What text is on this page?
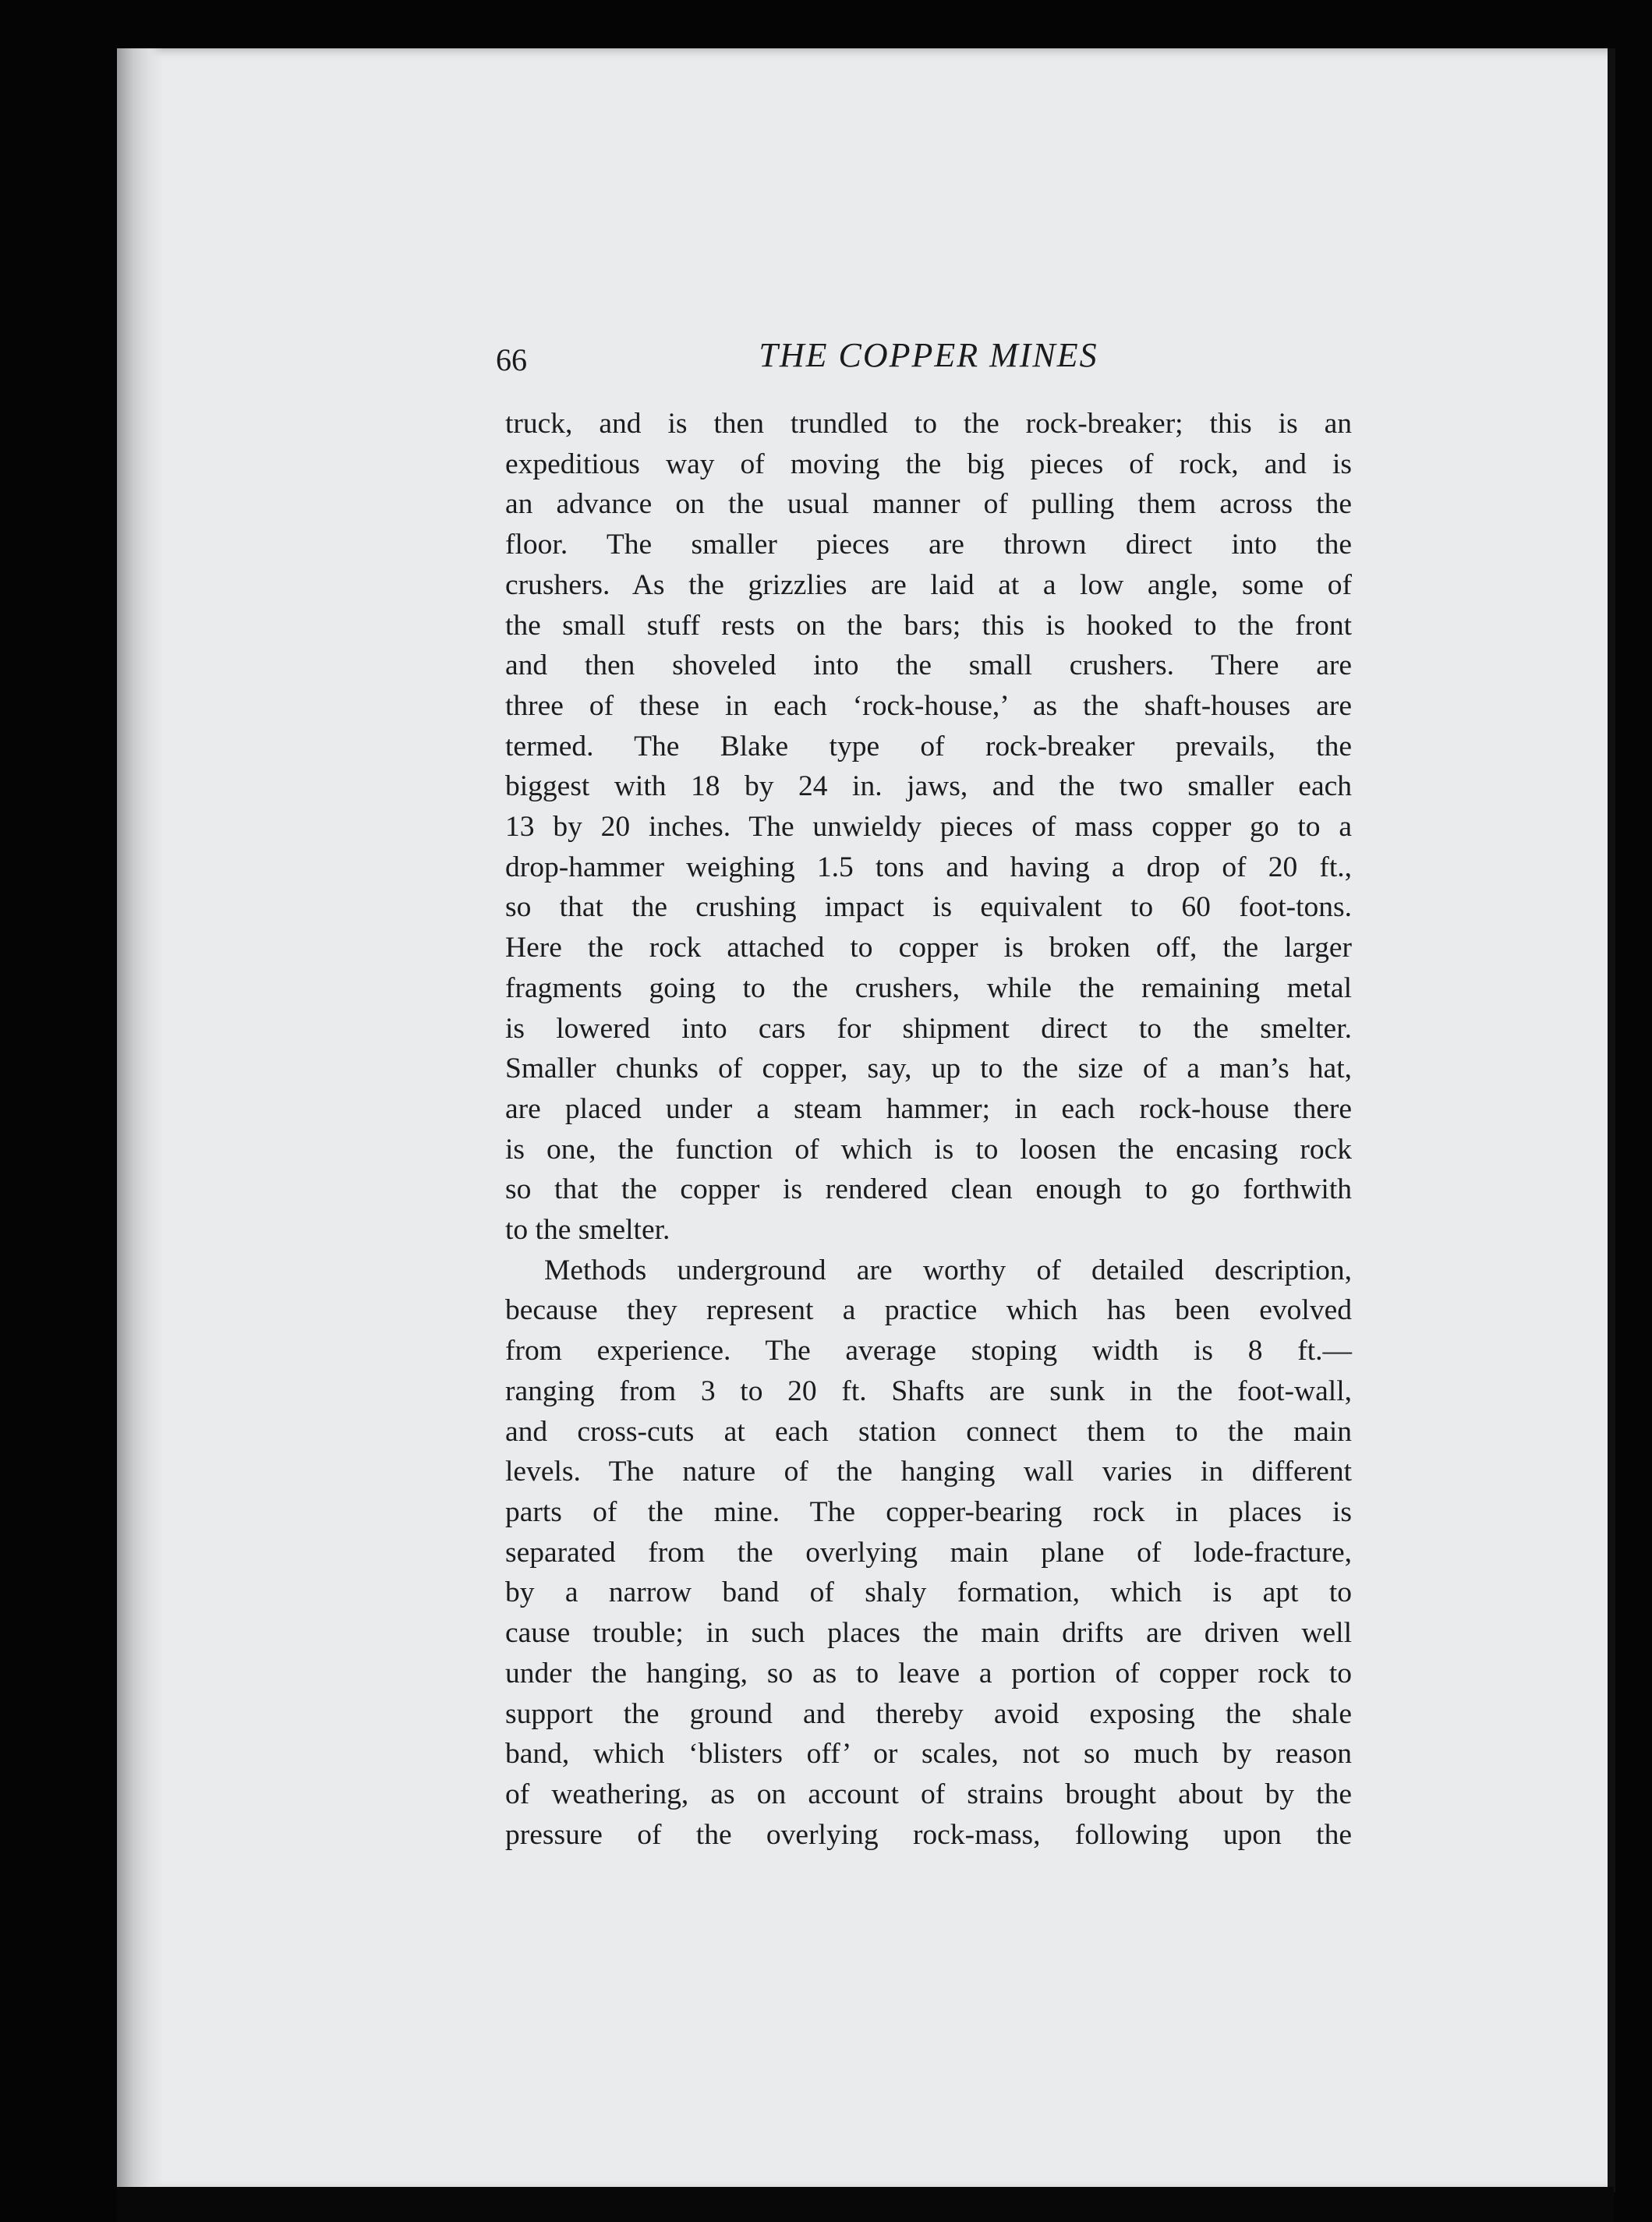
66	THE COPPER MINES
truck, and is then trundled to the rock-breaker; this is an
expeditious way of moving the big pieces of rock, and is
an advance on the usual manner of pulling them across the
floor. The smaller pieces are thrown direct into the
crushers. As the grizzlies are laid at a low angle, some of
the small stuff rests on the bars; this is hooked to the front
and then shoveled into the small crushers. There are
three of these in each ‘rock-house,’ as the shaft-houses are
termed. The Blake type of rock-breaker prevails, the
biggest with 18 by 24 in. jaws, and the two smaller each
13 by 20 inches. The unwieldy pieces of mass copper go to a
drop-hammer weighing 1.5 tons and having a drop of 20 ft.,
so that the crushing impact is equivalent to 60 foot-tons.
Here the rock attached to copper is broken off, the larger
fragments going to the crushers, while the remaining metal
is lowered into cars for shipment direct to the smelter.
Smaller chunks of copper, say, up to the size of a man’s hat,
are placed under a steam hammer; in each rock-house there
is one, the function of which is to loosen the encasing rock
so that the copper is rendered clean enough to go forthwith
to the smelter.
Methods underground are worthy of detailed description,
because they represent a practice which has been evolved
from experience. The average stoping width is 8 ft.—
ranging from 3 to 20 ft. Shafts are sunk in the foot-wall,
and cross-cuts at each station connect them to the main
levels. The nature of the hanging wall varies in different
parts of the mine. The copper-bearing rock in places is
separated from the overlying main plane of lode-fracture,
by a narrow band of shaly formation, which is apt to
cause trouble; in such places the main drifts are driven well
under the hanging, so as to leave a portion of copper rock to
support the ground and thereby avoid exposing the shale
band, which ‘blisters off’ or scales, not so much by reason
of weathering, as on account of strains brought about by the
pressure of the overlying rock-mass, following upon the
